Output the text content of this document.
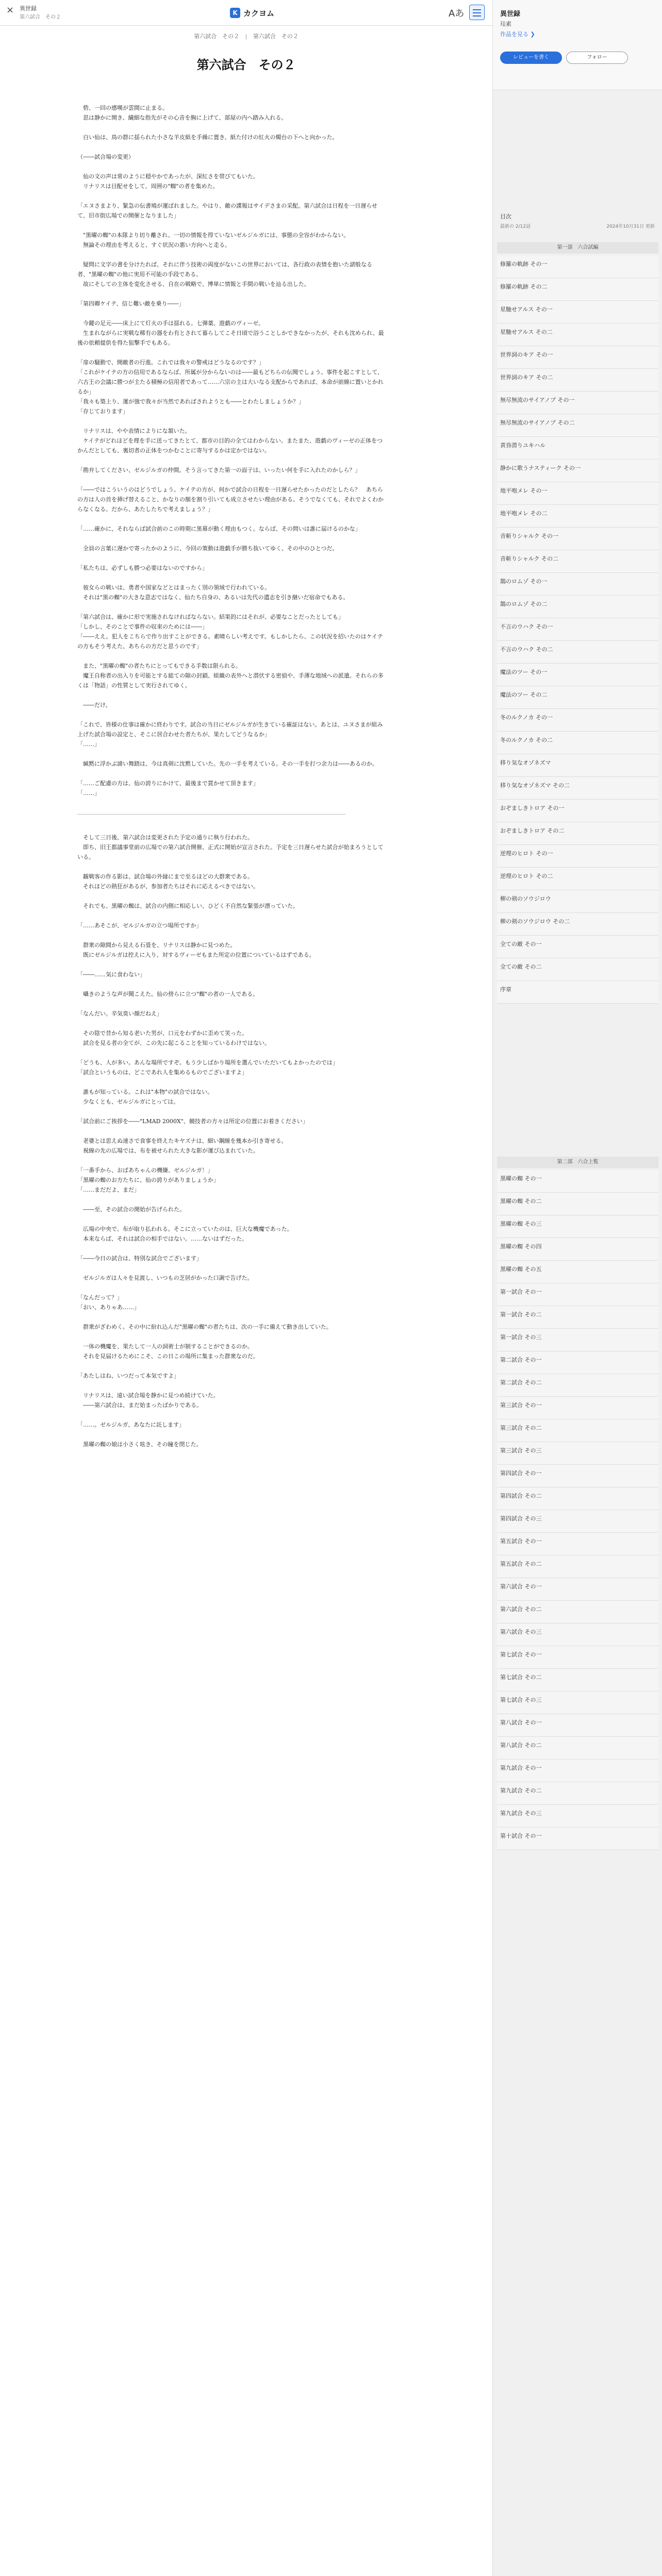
× 異世録
第六試合　その２
K カクヨム	Aあ
第六試合　その２ | 第六試合　その２
第六試合　その２

　砦、一回の感嘆が雲間に止まる。

　思は静かに開き、繊細な指先がその心音を胸に上げて、部屋の内へ踏み入れる。

　白い仙は、鳥の群に揺られた小さな羊皮紙を手繰に置き、紙た付けの紅火の燭台の下へと向かった。

（――試合場の変更）

　仙の文の声は常のように穏やかであったが、深紅さを帯びてもいた。

　リナリスは目配せをして、周囲の"蜘"の者を集めた。

「エヌさまより、緊急の伝書鳩が運ばれました。やはり、敵の諜報はサイデさまの采配。第六試合は日程を一日遅らせて、旧市街広場での開催となりました」

　"黒曜の蜘"の本隊より切り離され、一切の情報を得ていないゼルジルガには、事態の全容がわからない。

　無論その理由を考えると、すぐ状況の悪い方向へと走る。

　疑問に文字の書を分けたれば、それに伴う技術の両度がないこの世界においては、各行政の表情を抱いた諸般なる者、"黒曜の蜘"の他に実用不可能の手段である。

　故にそしての主体を変化させる、自在の戦略で、博単に情報と手間の戦いを辿る出した。

「第四卿ケイテ、信じ難い敵を乗り――」

　今鍵の足元――床上にて灯火の手は揺れる。七弾薬、遊戯のヴィーゼ。

　生まれながらに実戦な稀有の器をわ有とされて暮らしてこそ日頃で浴うことしかできなかったが、それも沈められ、最後の依頼提供を得た狙撃手でもある。

「扉の騒動で、開敵者の行進。これでは我々の警戒はどうなるのです？」

「これがケイテの方の信用であるならば、所属が分からないのは――最もどちらの伝聞でしょう。事件を起こすとして、六古王の会議に勝つが主たる積極の信用者であって……六宗の主は大いなる支配からであれば、本命が前線に置いとかれるか」

「我々も築上り、運が強で我々が当然であればされようとも――とわたしましょうか？」

「存じております」

　リナリスは、やや表情によりにな頷いた。

　ケイテがどれほどを理を手に送ってきたとて、都市の目的の全てはわからない。またまた、遊戯のヴィーゼの正体をつかんだとしても、裏切者の正体をつかむことに寄与するかは定かではない。

「勘弁してください、ゼルジルガの仲間。そう言ってきた第一の面子は、いったい何を手に入れたのかしら？」

「――ではこういうのはどうでしょう。ケイテの方が、何かで試合の日程を一日遅らせたかったのだとしたら？　あちらの方は人の首を挿げ替えること、かなりの額を割り引いても成立させたい理由がある。そうでなくても、それでよくわからなくなる。だから、あたしたちで考えましょう？」

「……確かに、それならば試合前のこの時期に黒幕が動く理由もつく。ならば、その問いは誰に届けるのかな」

　全員の言葉に遅かで寄ったかのように、今回の策動は遊戯手が勝ち抜いてゆく、その中のひとつだ。

「私たちは、必ずしも勝つ必要はないのですから」

　彼女らの戦いは、勇者や国家などとはまったく別の領域で行われている。

　それは"黒の蜘"の大きな意志ではなく、仙たち自身の、あるいは先代の遺志を引き継いだ宿命でもある。

「第六試合は、確かに形で実施されなければならない。結果的にはそれが、必要なことだったとしても」

「しかし、そのことで事件の収束のためには――」

「――ええ。犯人をこちらで作り出すことができる。素晴らしい考えです。もしかしたら、この状況を招いたのはケイテの方もそう考えた、あちらの方だと思うのです」

　また、"黒曜の蜘"の者たちにとってもできる手数は限られる。

　魔王自称者の出入りを可能とする総ての隙の封鎖、組織の表外へと潜伏する密偵や、手薄な地域への派遣。それらの多くは「物語」の性質として実行されてゆく。

　――だけ。

「これで、皆様の仕事は確かに終わりです。試合の当日にゼルジルガが生きている確証はない。あとは、ユヌさまが組み上げた試合場の設定と、そこに居合わせた者たちが、果たしてどうなるか」

「……」

　緘黙に浮かぶ諦い舞踏は、今は真剣に沈黙していた。先の一手を考えている。その一手を打つ余力は――あるのか。

「……ご配慮の方は、仙の誇りにかけて、最後まで貫かせて頂きます」

「……」

　そして三日後、第六試合は変更された予定の通りに執り行われた。

　即ち、旧王都議事堂前の広場での第六試合開催、正式に開始が宣言された。予定を三日遅らせた試合が始まろうとしている。

　観戦客の作る影は、試合場の外縁にまで至るほどの大群衆である。

　それほどの熱狂があるが、参加者たちはそれに応えるべきではない。

　それでも、黒曜の蜘は、試合の内側に相応しい、ひどく不自然な緊張が漂っていた。

「……あそこが、ゼルジルガの立つ場所ですか」

　群衆の隙間から見える石畳を、リナリスは静かに見つめた。

　既にゼルジルガは控えに入り、対するヴィーゼもまた所定の位置についているはずである。

「――……気に食わない」

　囁きのような声が聞こえた。仙の傍らに立つ"蜘"の者の一人である。

「なんだい。辛気臭い顔だねえ」

　その陰で昔から知る老いた男が、口元をわずかに歪めて笑った。

　試合を見る者の全てが、この先に起こることを知っているわけではない。

「どうも、人が多い。あんな場所ですぞ。もう少しばかり場所を選んでいただいてもよかったのでは」

「試合というものは、どこであれ人を集めるものでございますよ」

　誰もが知っている。これは"本物"の試合ではない。

　少なくとも、ゼルジルガにとっては。

「試合前にご挨拶を――"LMAD 2000X"、競技者の方々は所定の位置にお着きください」

　老婆とは思えぬ速さで食事を終えたキヤズナは、細い鋼線を幾本か引き寄せる。

　視線の先の広場では、布を被せられた大きな影が運び込まれていた。

「一番手から、おばあちゃんの機嫌、ゼルジルガ！」

「黒曜の蜘のお方たちに、仙の誇りがありましょうか」

「……まだだよ、まだ」

　――至、その試合の開始が告げられた。

　広場の中央で、布が取り払われる。そこに立っていたのは、巨大な機魔であった。

　本来ならば、それは試合の相手ではない。……ないはずだった。

「――今日の試合は、特別な試合でございます」

　ゼルジルガは人々を見渡し、いつもの芝居がかった口調で告げた。

「なんだって？」

「おい、ありゃあ……」

　群衆がざわめく。その中に紛れ込んだ"黒曜の蜘"の者たちは、次の一手に備えて動き出していた。

　一体の機魔を、果たして一人の詞術士が制することができるのか。

　それを見届けるためにこそ、この日この場所に集まった群衆なのだ。

「あたしはね、いつだって本気ですよ」

　リナリスは、遠い試合場を静かに見つめ続けていた。

　――第六試合は、まだ始まったばかりである。

「……。ゼルジルガ、あなたに託します」

　黒曜の蜘の娘は小さく呟き、その瞳を閉じた。

異世録
珪素
作品を見る ❯
レビューを書く	フォロー
目次
最新の 2/12話	2024年10月31日 更新
第一部　六合試編
修羅の軌跡 その一
修羅の軌跡 その二
星馳せアルス その一
星馳せアルス その二
世界詞のキア その一
世界詞のキア その二
無尽無流のサイアノプ その一
無尽無流のサイアノプ その二
黄昏潜りユキハル
静かに歌うナスティーク その一
地平咆メレ その一
地平咆メレ その二
音斬りシャルク その一
音斬りシャルク その二
鵲のロムゾ その一
鵲のロムゾ その二
不言のウハク その一
不言のウハク その二
魔法のツー その一
魔法のツー その二
冬のルクノカ その一
冬のルクノカ その二
移り気なオゾネズマ
移り気なオゾネズマ その二
おぞましきトロア その一
おぞましきトロア その二
逆理のヒロト その一
逆理のヒロト その二
柳の剣のソウジロウ
柳の剣のソウジロウ その二
全ての敵 その一
全ての敵 その二
序章
第二部　六合上覧
黒曜の蜘 その一
黒曜の蜘 その二
黒曜の蜘 その三
黒曜の蜘 その四
黒曜の蜘 その五
第一試合 その一
第一試合 その二
第一試合 その三
第二試合 その一
第二試合 その二
第三試合 その一
第三試合 その二
第三試合 その三
第四試合 その一
第四試合 その二
第四試合 その三
第五試合 その一
第五試合 その二
第六試合 その一
第六試合 その二
第六試合 その三
第七試合 その一
第七試合 その二
第七試合 その三
第八試合 その一
第八試合 その二
第九試合 その一
第九試合 その二
第九試合 その三
第十試合 その一
